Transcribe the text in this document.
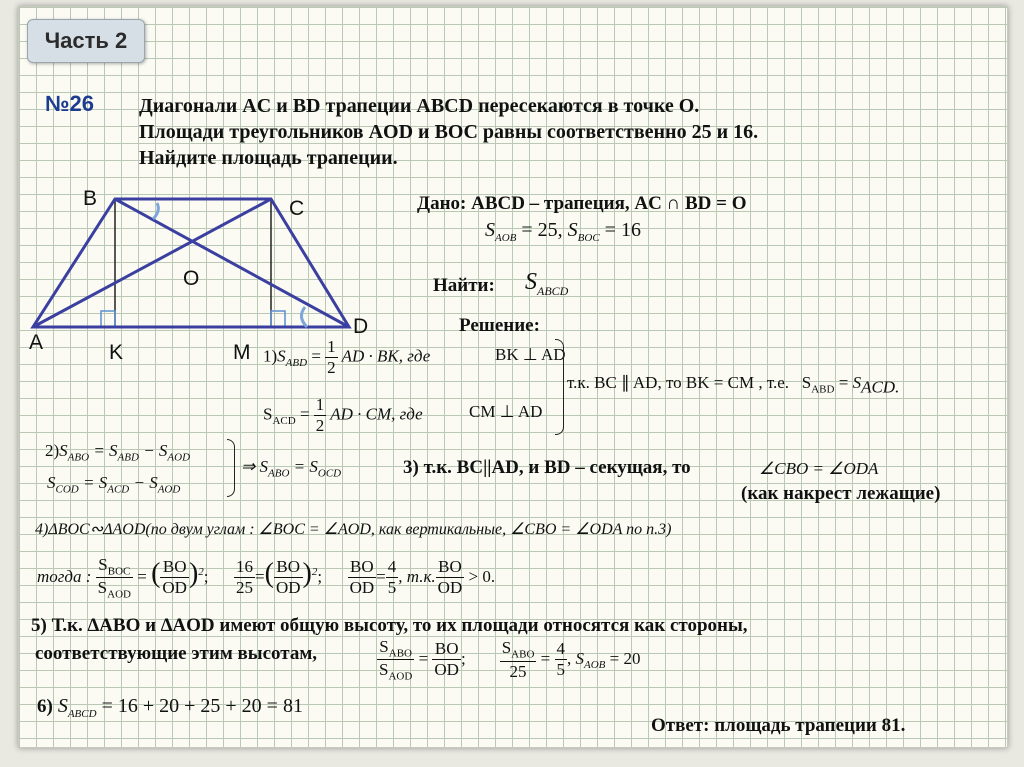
Часть 2
№26 Диагонали AC и BD трапеции ABCD пересекаются в точке O.
Площади треугольников AOD и BOC равны соответственно 25 и 16.
Найдите площадь трапеции.
B	C
O
A
D
K	M
Дано: ABCD – трапеция, AC ∩ BD = O
$S_{AOB} = 25$, $S_{BOC} = 16$
Найти: $S_{ABCD}$
Решение:
$1)S_{ABD} = \frac{1}{2}$ AD · BK, где	BK ⊥ AD
$S_{ACD} = \frac{1}{2}$ AD · CM, где	CM ⊥ AD
т.к. BC ∥ AD, то BK = CM , т.е. $S_{ABD} = S_{ACD.}$
$2)S_{ABO} = S_{ABD} - S_{AOD}$
$S_{COD} = S_{ACD} - S_{AOD}$
⇒ $S_{ABO} = S_{OCD}$	3) т.к. BC||AD, и BD – секущая, то	∠CBO = ∠ODA
(как накрест лежащие)
4)ΔBOC∾ΔAOD(по двум углам : ∠BOC = ∠AOD, как вертикальные, ∠CBO = ∠ODA по п.3)
тогда : $\frac{S_{BOC}}{S_{AOD}}$ = ( $\frac{BO}{OD} )^2$; $\frac{16}{25}$ =( $\frac{BO}{OD} )^2$; $\frac{BO}{OD} = \frac{4}{5}$ , т.к. $\frac{BO}{OD} > 0$.
5) Т.к. ∆ABO и ∆AOD имеют общую высоту, то их площади относятся как стороны,
соответствующие этим высотам,	$\frac{S_{ABO}}{S_{AOD}} = \frac{BO}{OD}$ ; $\frac{S_{ABO}}{25} = \frac{4}{5}$ , $S_{AOB} = 20$
6) $S_{ABCD} = 16 + 20 + 25 + 20 = 81$
Ответ: площадь трапеции 81.
